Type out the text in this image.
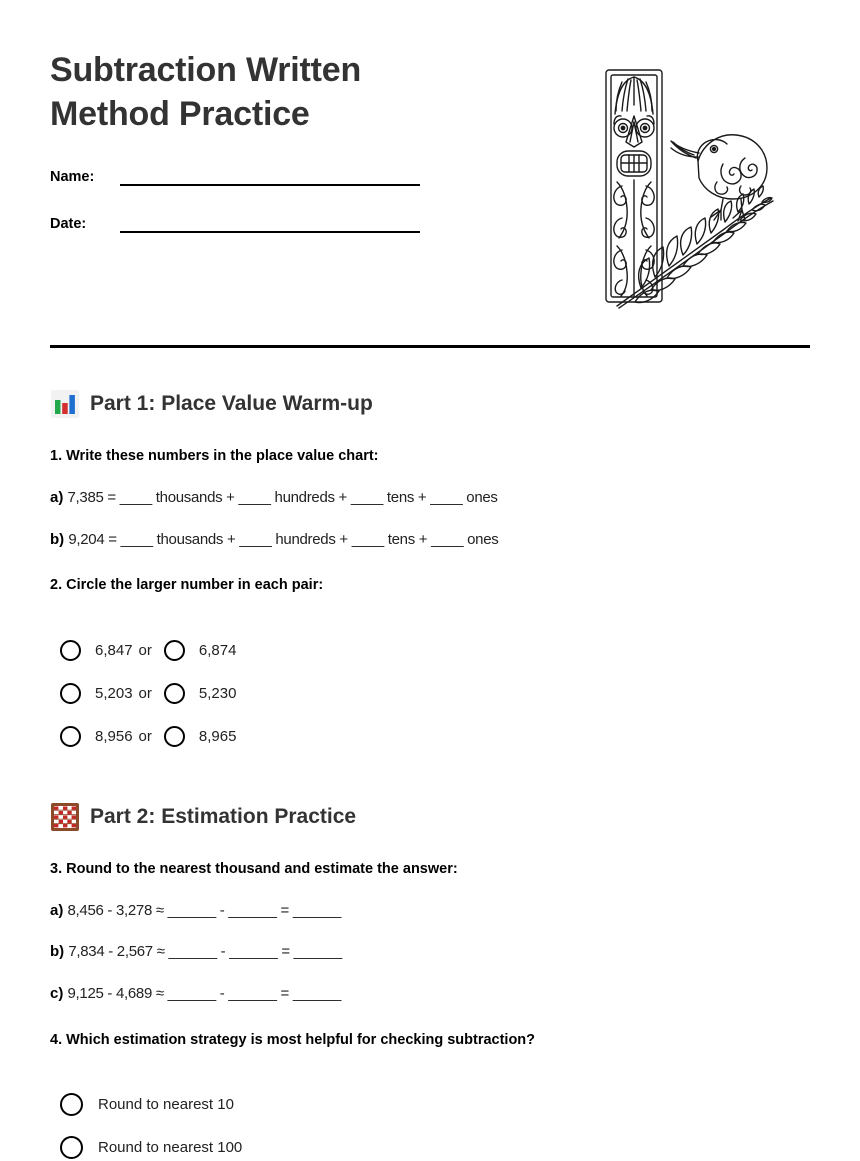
Subtraction Written Method Practice
Name:
Date:
Part 1: Place Value Warm-up
1. Write these numbers in the place value chart:
a) 7,385 = ____ thousands + ____ hundreds + ____ tens + ____ ones
b) 9,204 = ____ thousands + ____ hundreds + ____ tens + ____ ones
2. Circle the larger number in each pair:
6,847 or	6,874
5,203 or	5,230
8,956 or	8,965
Part 2: Estimation Practice
3. Round to the nearest thousand and estimate the answer:
a) 8,456 - 3,278 ≈ ______ - ______ = ______
b) 7,834 - 2,567 ≈ ______ - ______ = ______
c) 9,125 - 4,689 ≈ ______ - ______ = ______
4. Which estimation strategy is most helpful for checking subtraction?
Round to nearest 10
Round to nearest 100
